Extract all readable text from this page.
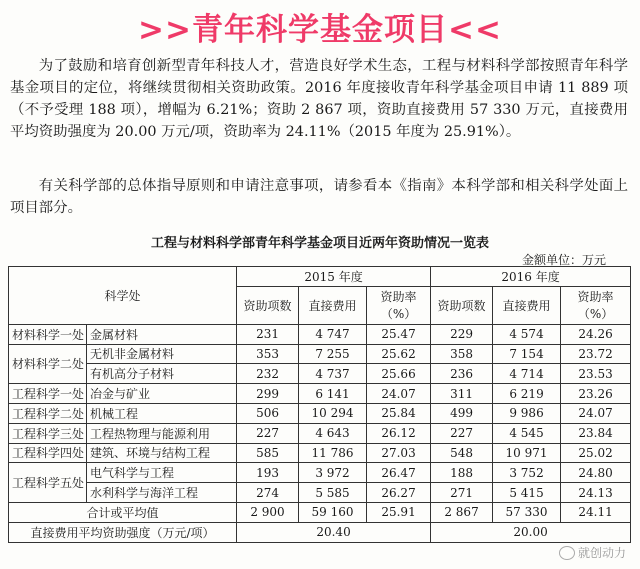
>>青年科学基金项目<<
为了鼓励和培育创新型青年科技人才，营造良好学术生态，工程与材料科学部按照青年科学基金项目的定位，将继续贯彻相关资助政策。2016 年度接收青年科学基金项目申请 11 889 项（不予受理 188 项），增幅为 6.21%；资助 2 867 项，资助直接费用 57 330 万元，直接费用平均资助强度为 20.00 万元/项，资助率为 24.11%（2015 年度为 25.91%）。
有关科学部的总体指导原则和申请注意事项，请参看本《指南》本科学部和相关科学处面上项目部分。
工程与材料科学部青年科学基金项目近两年资助情况一览表
金额单位：万元
科学处		2015 年度			2016 年度		
		资助项数	直接费用	资助率（%）	资助项数	直接费用	资助率（%）
材料科学一处	金属材料	231	4 747	25.47	229	4 574	24.26
材料科学二处	无机非金属材料	353	7 255	25.62	358	7 154	23.72
	有机高分子材料	232	4 737	25.66	236	4 714	23.53
工程科学一处	冶金与矿业	299	6 141	24.07	311	6 219	23.26
工程科学二处	机械工程	506	10 294	25.84	499	9 986	24.07
工程科学三处	工程热物理与能源利用	227	4 643	26.12	227	4 545	23.84
工程科学四处	建筑、环境与结构工程	585	11 786	27.03	548	10 971	25.02
工程科学五处	电气科学与工程	193	3 972	26.47	188	3 752	24.80
	水利科学与海洋工程	274	5 585	26.27	271	5 415	24.13
合计或平均值		2 900	59 160	25.91	2 867	57 330	24.11
直接费用平均资助强度（万元/项）		20.40			20.00		
就创动力
